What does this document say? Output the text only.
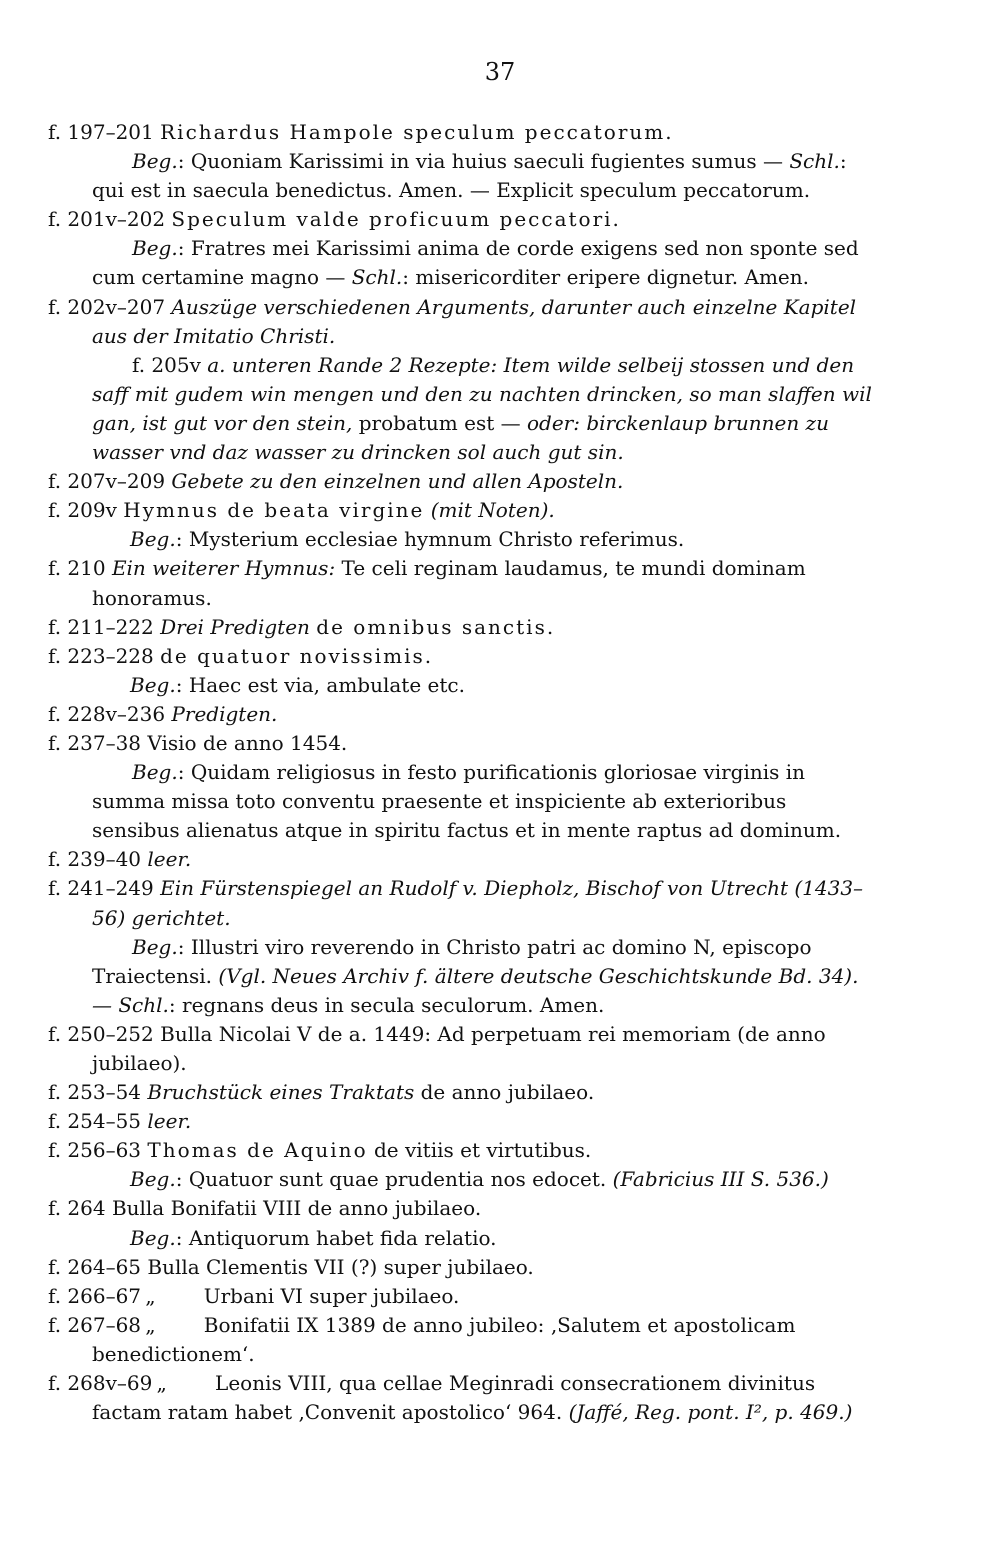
37

f. 197–201 Richardus Hampole speculum peccatorum.

Beg.: Quoniam Karissimi in via huius saeculi fugientes sumus — Schl.: qui est in saecula benedictus. Amen. — Explicit speculum peccatorum.

f. 201v–202 Speculum valde proficuum peccatori.

Beg.: Fratres mei Karissimi anima de corde exigens sed non sponte sed cum certamine magno — Schl.: misericorditer eripere dignetur. Amen.

f. 202v–207 Auszüge verschiedenen Arguments, darunter auch einzelne Kapitel aus der Imitatio Christi.

f. 205v a. unteren Rande 2 Rezepte: Item wilde selbeij stossen und den saff mit gudem win mengen und den zu nachten drincken, so man slaffen wil gan, ist gut vor den stein, probatum est — oder: birckenlaup brunnen zu wasser vnd daz wasser zu drincken sol auch gut sin.

f. 207v–209 Gebete zu den einzelnen und allen Aposteln.

f. 209v Hymnus de beata virgine (mit Noten).

Beg.: Mysterium ecclesiae hymnum Christo referimus.

f. 210 Ein weiterer Hymnus: Te celi reginam laudamus, te mundi dominam honoramus.

f. 211–222 Drei Predigten de omnibus sanctis.

f. 223–228 de quatuor novissimis.

Beg.: Haec est via, ambulate etc.

f. 228v–236 Predigten.

f. 237–38 Visio de anno 1454.

Beg.: Quidam religiosus in festo purificationis gloriosae virginis in summa missa toto conventu praesente et inspiciente ab exterioribus sensibus alienatus atque in spiritu factus et in mente raptus ad dominum.

f. 239–40 leer.

f. 241–249 Ein Fürstenspiegel an Rudolf v. Diepholz, Bischof von Utrecht (1433–56) gerichtet.

Beg.: Illustri viro reverendo in Christo patri ac domino N, episcopo Traiectensi. (Vgl. Neues Archiv f. ältere deutsche Geschichtskunde Bd. 34). — Schl.: regnans deus in secula seculorum. Amen.

f. 250–252 Bulla Nicolai V de a. 1449: Ad perpetuam rei memoriam (de anno jubilaeo).

f. 253–54 Bruchstück eines Traktats de anno jubilaeo.

f. 254–55 leer.

f. 256–63 Thomas de Aquino de vitiis et virtutibus.

Beg.: Quatuor sunt quae prudentia nos edocet. (Fabricius III S. 536.)

f. 264 Bulla Bonifatii VIII de anno jubilaeo.

Beg.: Antiquorum habet fida relatio.

f. 264–65 Bulla Clementis VII (?) super jubilaeo.

f. 266–67 „ Urbani VI super jubilaeo.

f. 267–68 „ Bonifatii IX 1389 de anno jubileo: ‚Salutem et apostolicam benedictionem‘.

f. 268v–69 „ Leonis VIII, qua cellae Meginradi consecrationem divinitus factam ratam habet ‚Convenit apostolico‘ 964. (Jaffé, Reg. pont. I², p. 469.)
